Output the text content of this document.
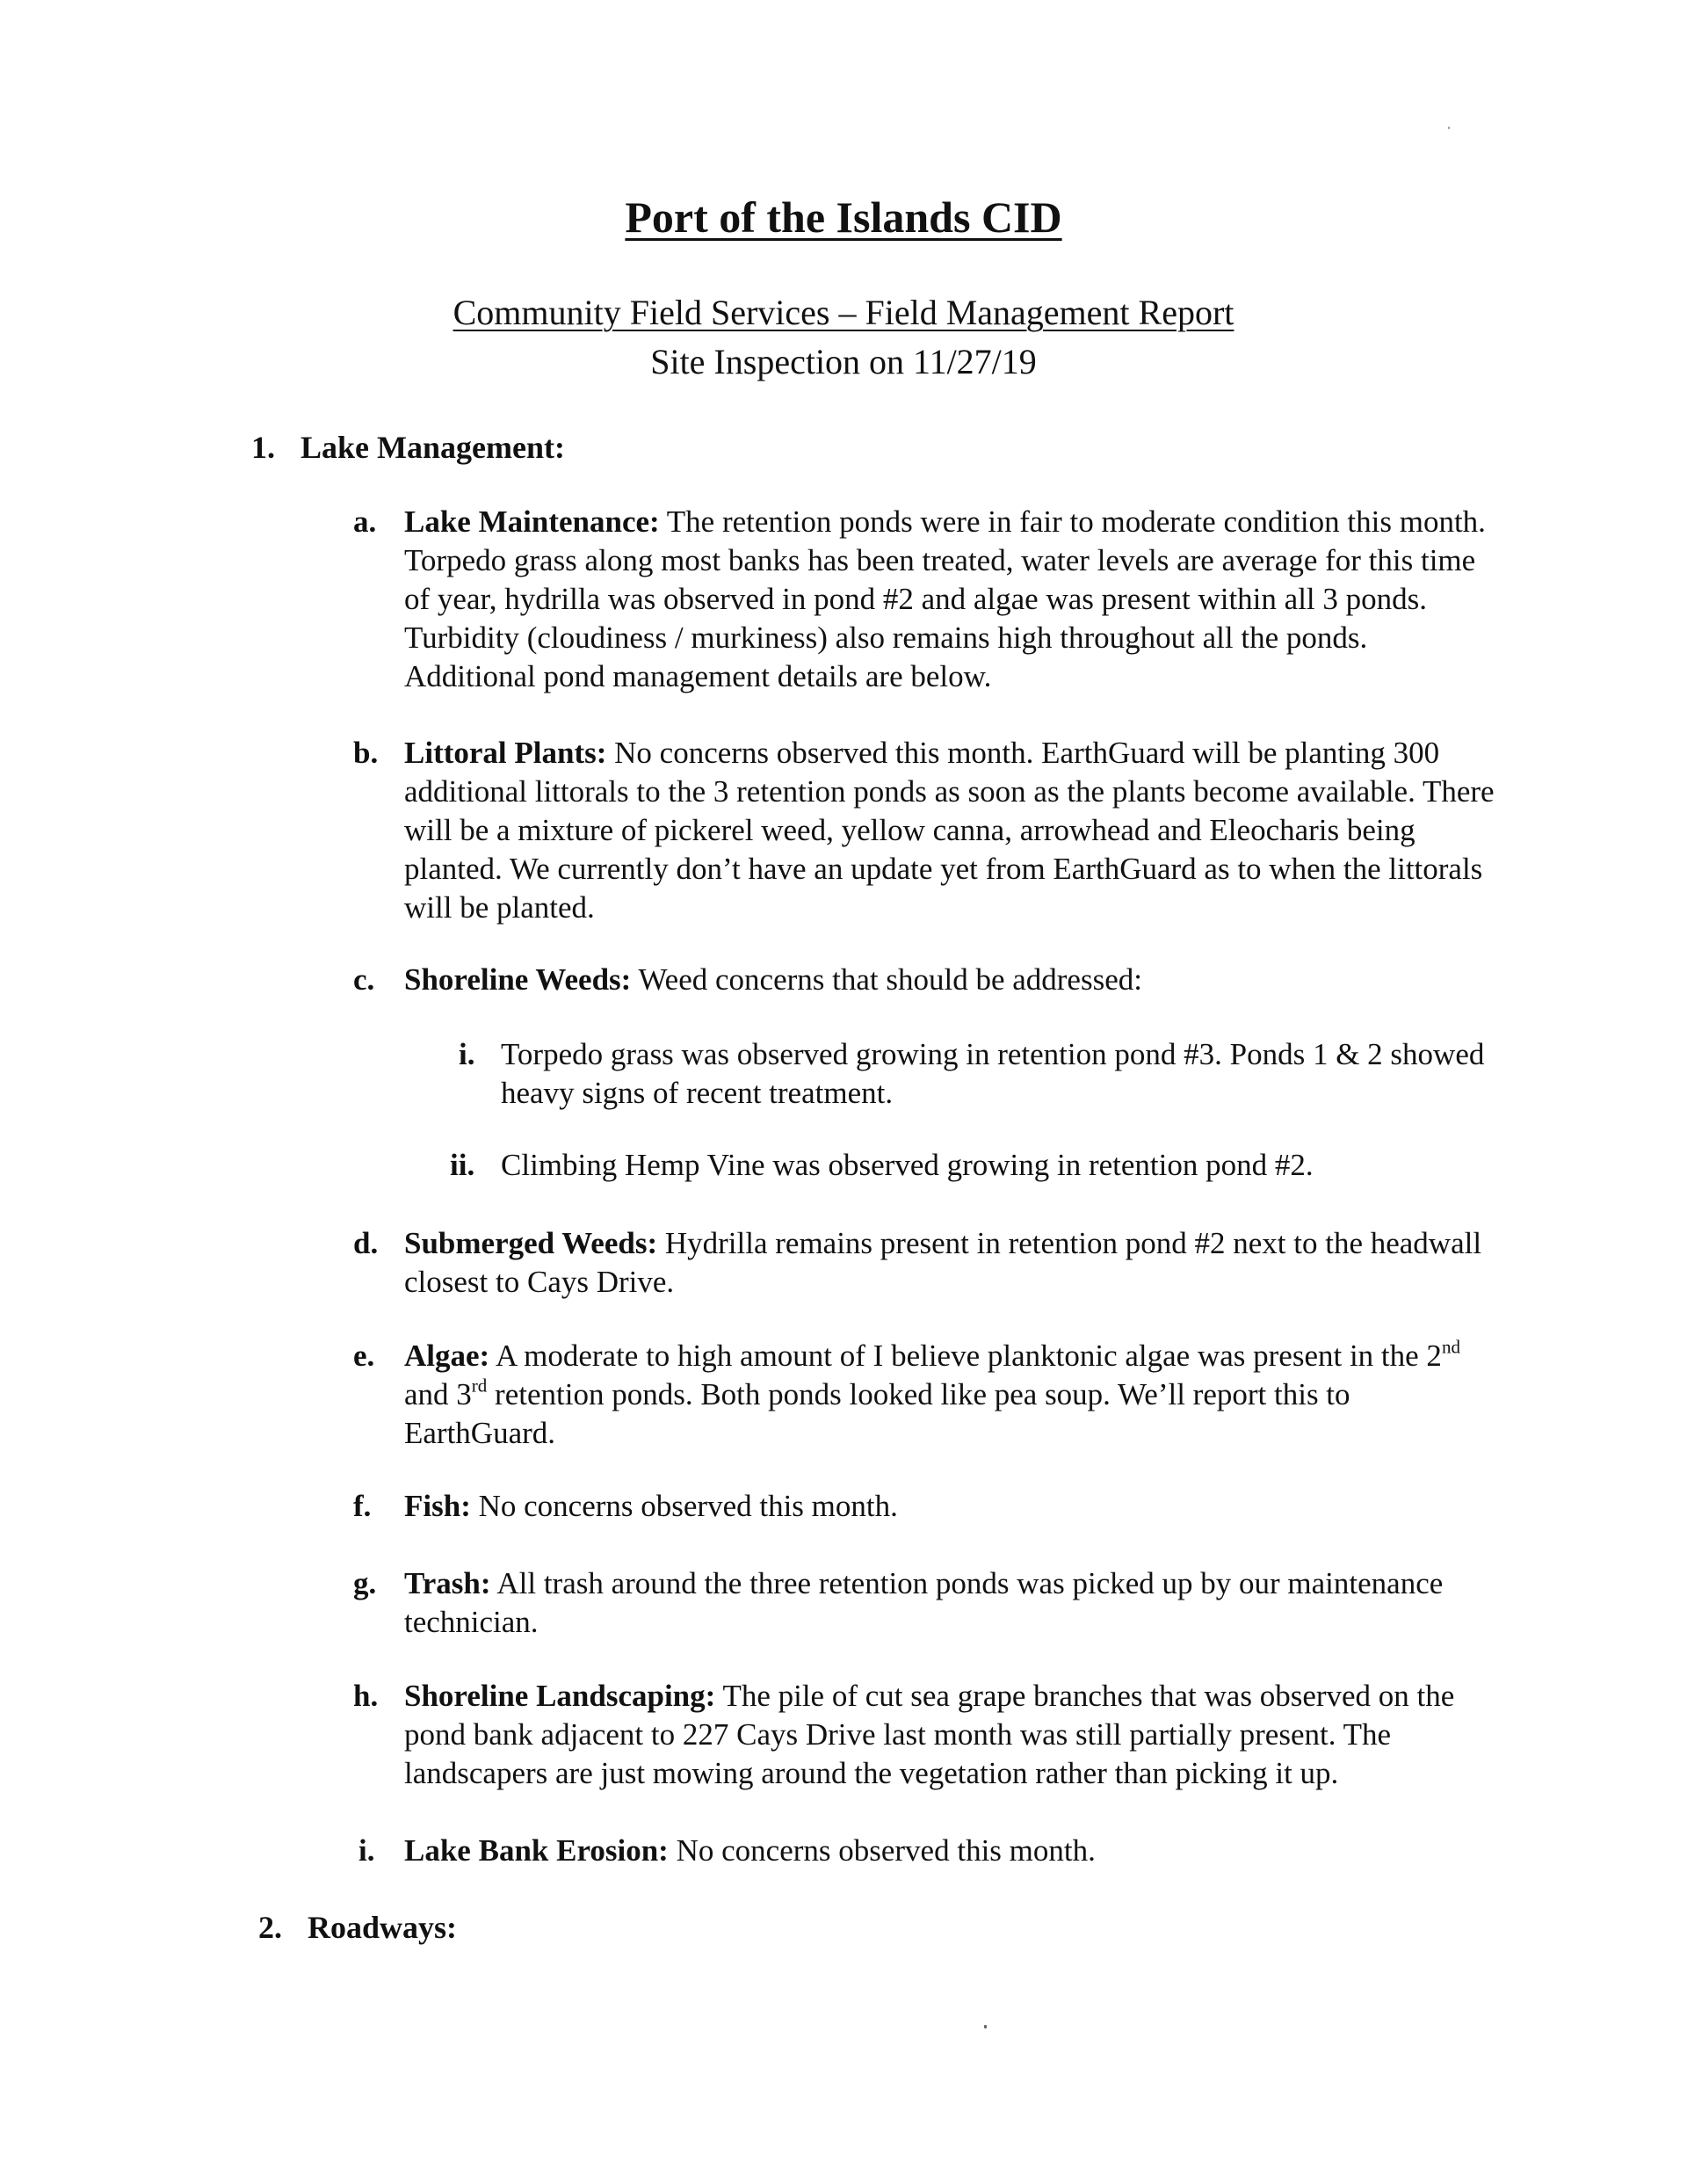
Port of the Islands CID
Community Field Services – Field Management Report
Site Inspection on 11/27/19
1. Lake Management:
a. Lake Maintenance: The retention ponds were in fair to moderate condition this month. Torpedo grass along most banks has been treated, water levels are average for this time of year, hydrilla was observed in pond #2 and algae was present within all 3 ponds. Turbidity (cloudiness / murkiness) also remains high throughout all the ponds. Additional pond management details are below.
b. Littoral Plants: No concerns observed this month. EarthGuard will be planting 300 additional littorals to the 3 retention ponds as soon as the plants become available. There will be a mixture of pickerel weed, yellow canna, arrowhead and Eleocharis being planted. We currently don’t have an update yet from EarthGuard as to when the littorals will be planted.
c. Shoreline Weeds: Weed concerns that should be addressed:
i. Torpedo grass was observed growing in retention pond #3. Ponds 1 & 2 showed heavy signs of recent treatment.
ii. Climbing Hemp Vine was observed growing in retention pond #2.
d. Submerged Weeds: Hydrilla remains present in retention pond #2 next to the headwall closest to Cays Drive.
e. Algae: A moderate to high amount of I believe planktonic algae was present in the 2nd and 3rd retention ponds. Both ponds looked like pea soup. We’ll report this to EarthGuard.
f.	Fish: No concerns observed this month.
g. Trash: All trash around the three retention ponds was picked up by our maintenance technician.
h. Shoreline Landscaping: The pile of cut sea grape branches that was observed on the pond bank adjacent to 227 Cays Drive last month was still partially present. The landscapers are just mowing around the vegetation rather than picking it up.
i. Lake Bank Erosion: No concerns observed this month.
2. Roadways:
